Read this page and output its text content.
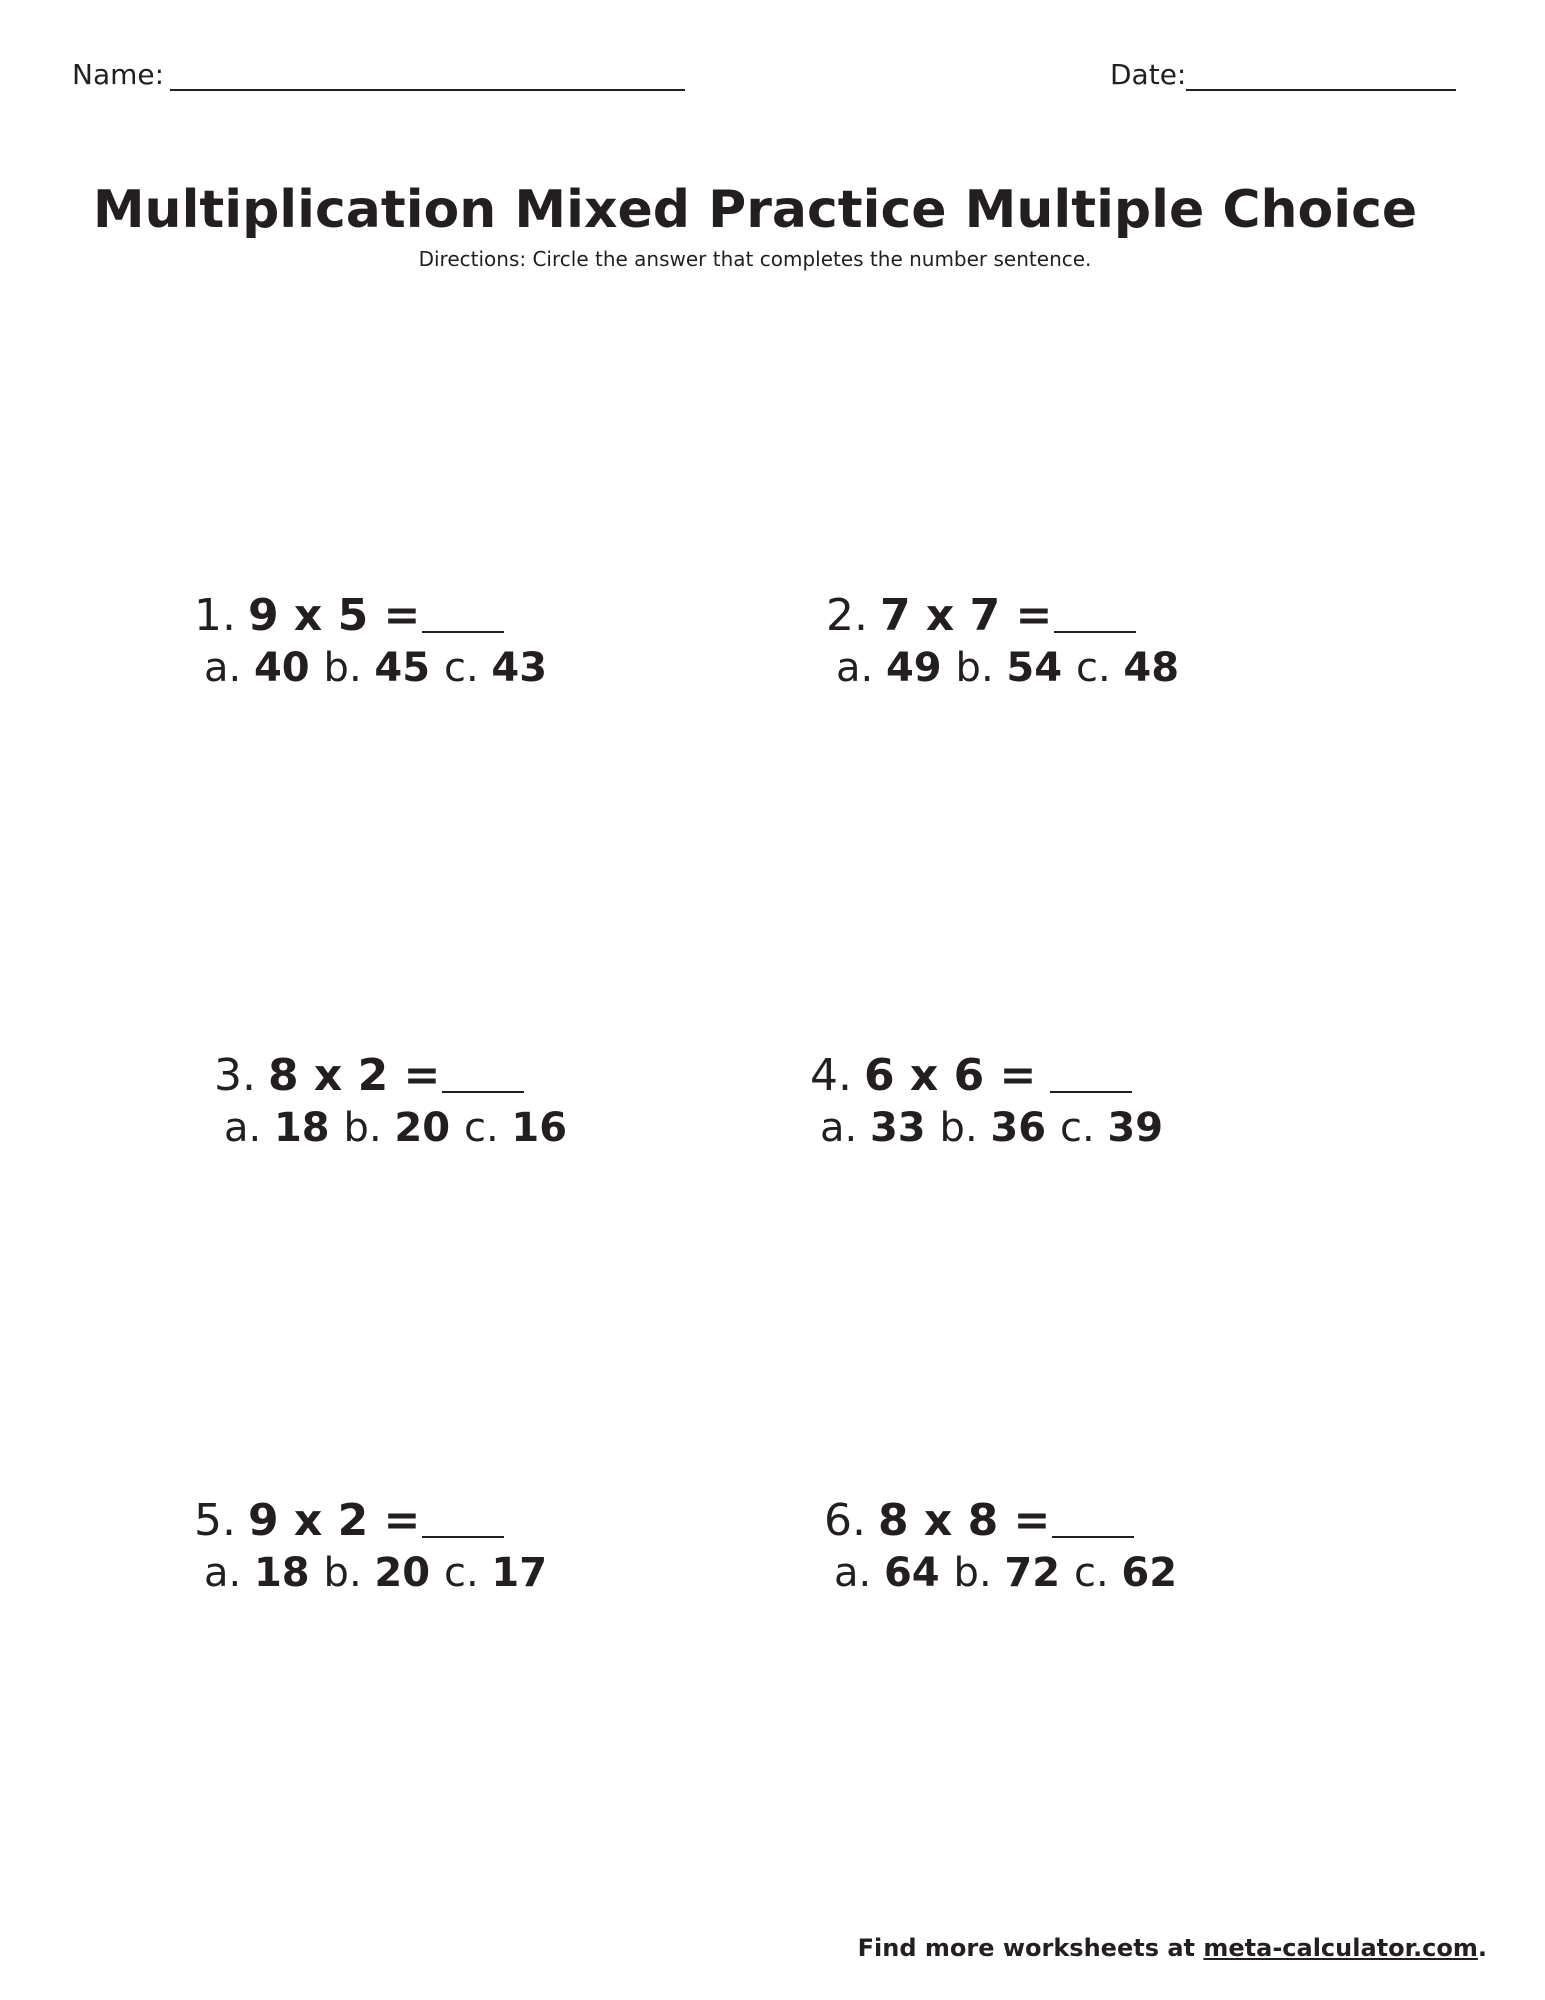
Name:	Date:
Multiplication Mixed Practice Multiple Choice
Directions: Circle the answer that completes the number sentence.
1. 9 x 5 =
a. 40 b. 45 c. 43
2. 7 x 7 =
a. 49 b. 54 c. 48
3. 8 x 2 =
a. 18 b. 20 c. 16
4. 6 x 6 =
a. 33 b. 36 c. 39
5. 9 x 2 =
a. 18 b. 20 c. 17
6. 8 x 8 =
a. 64 b. 72 c. 62
Find more worksheets at meta-calculator.com.
